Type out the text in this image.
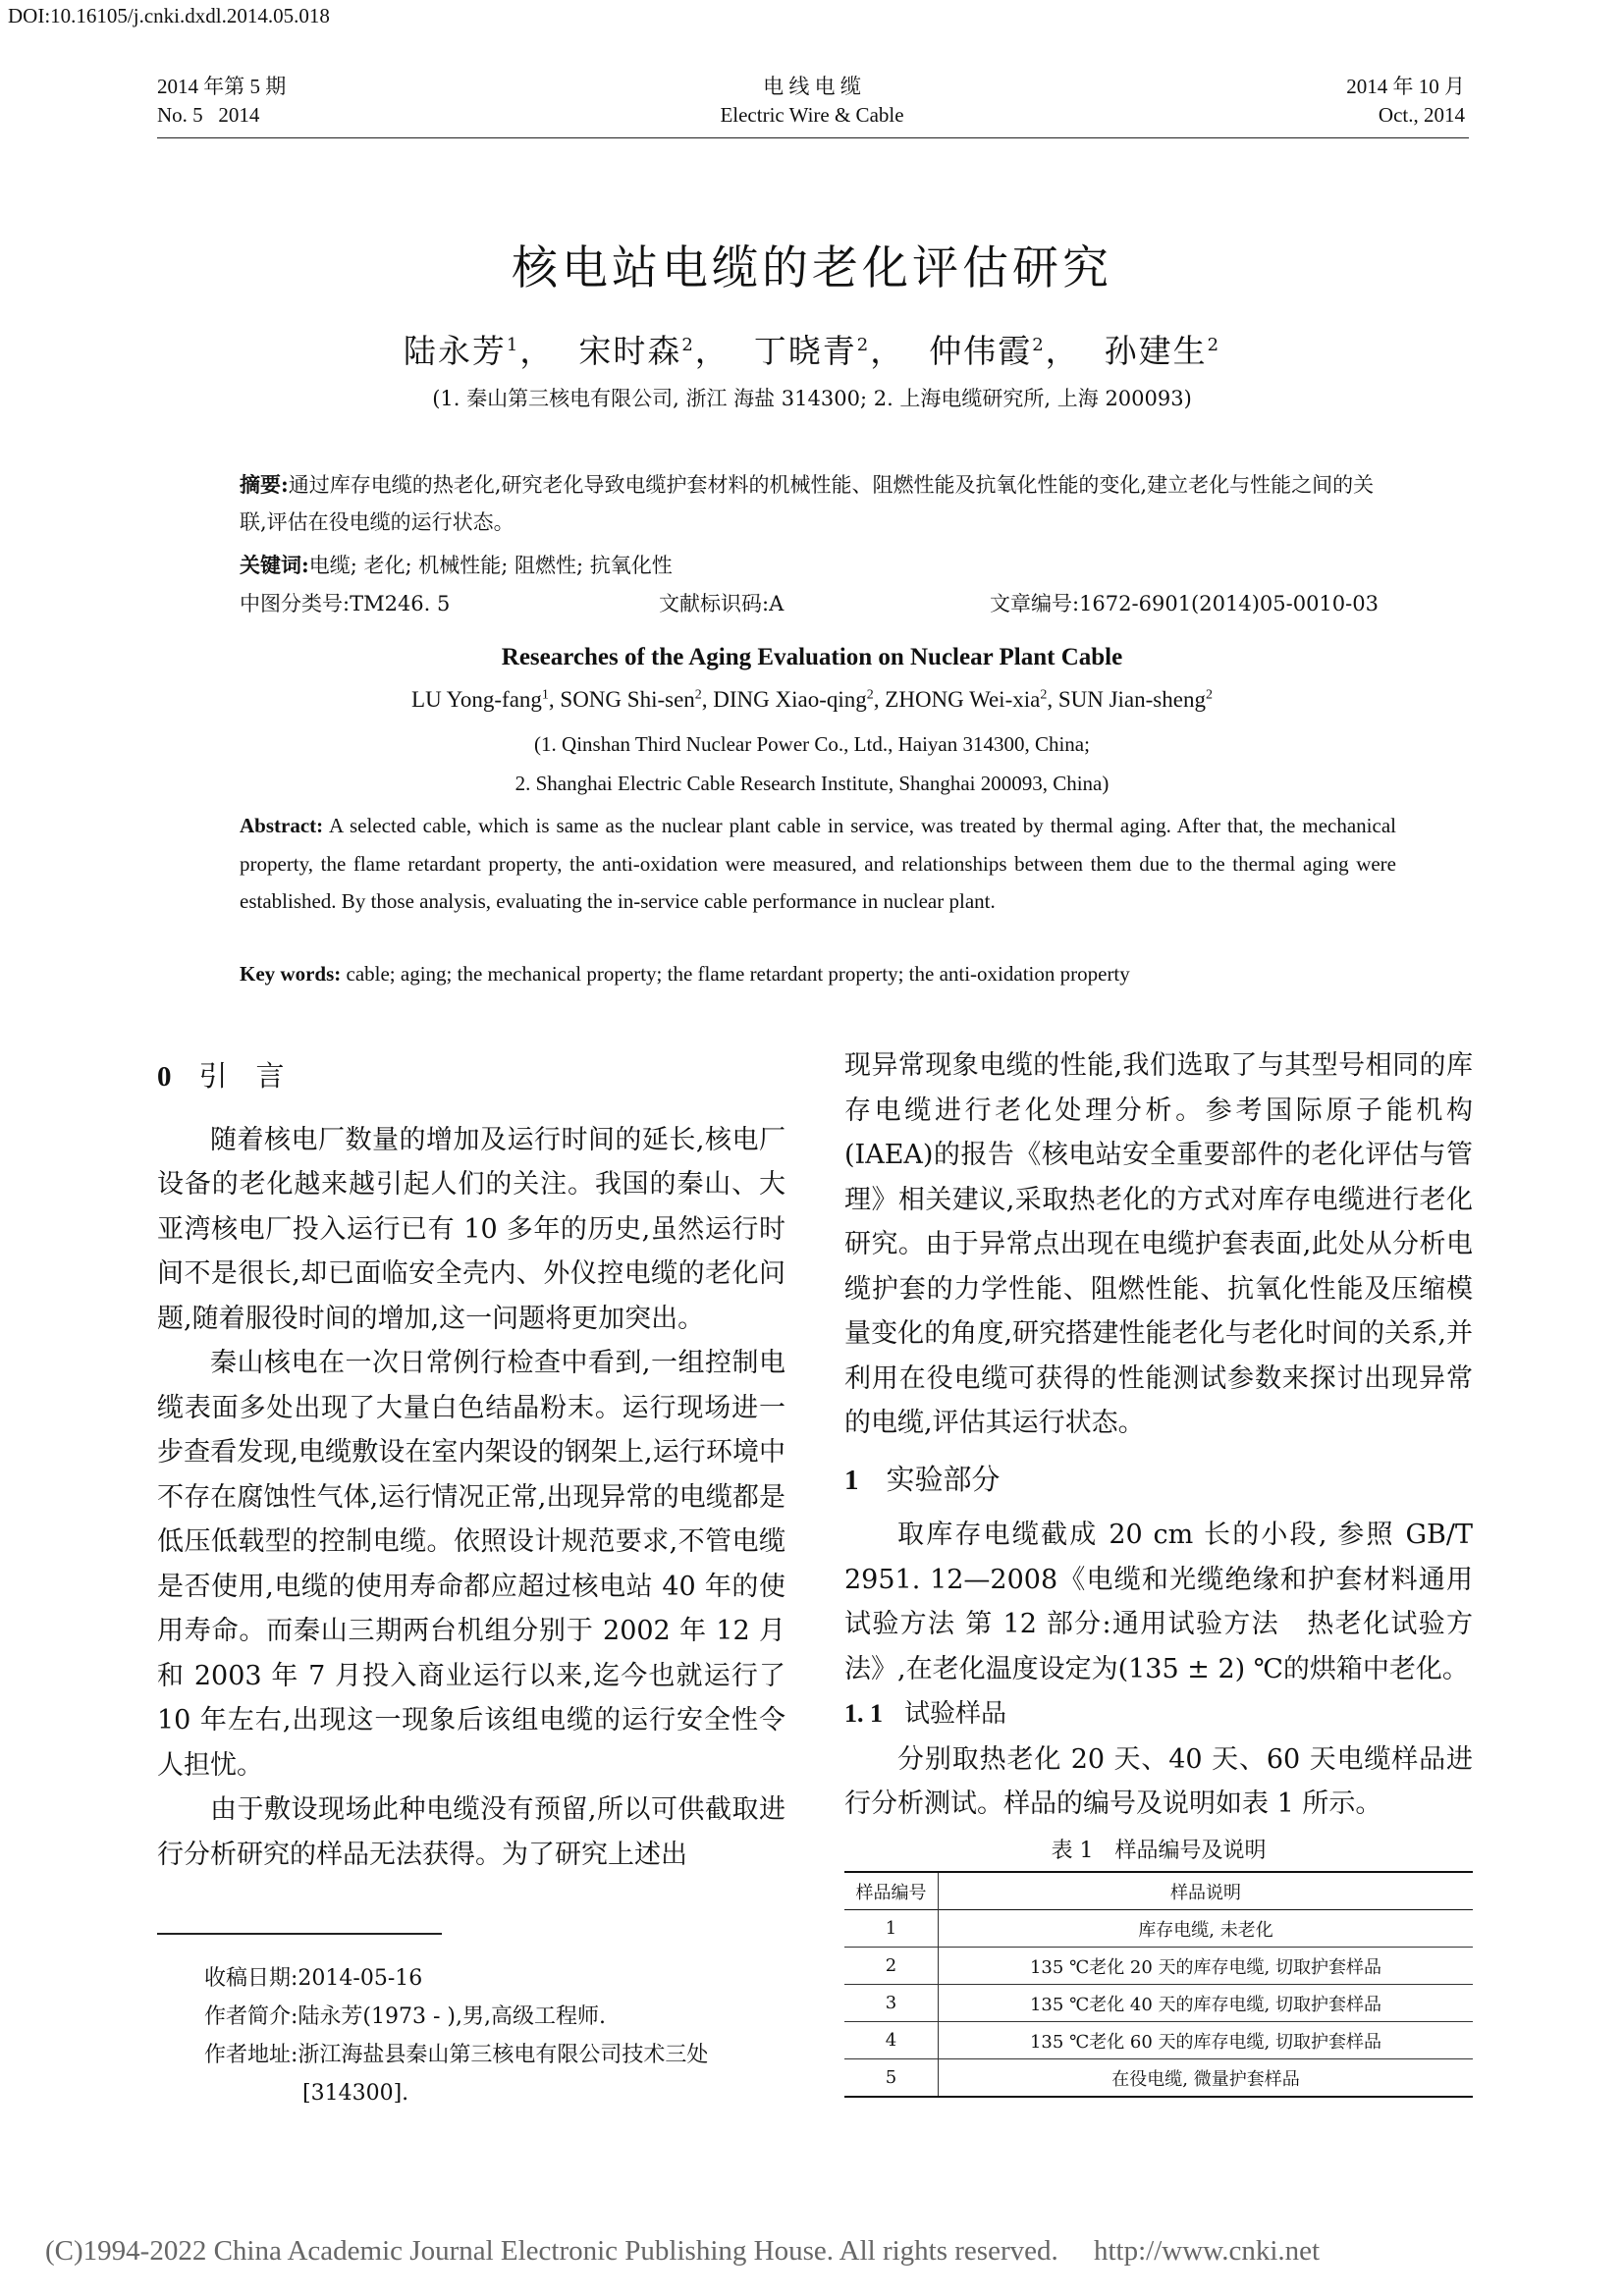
DOI:10.16105/j.cnki.dxdl.2014.05.018
2014 年第 5 期
No. 5   2014
电 线 电 缆
Electric Wire & Cable
2014 年 10 月
Oct., 2014
核电站电缆的老化评估研究
陆永芳$^1$，  宋时森$^2$，  丁晓青$^2$，  仲伟霞$^2$，  孙建生$^2$
(1. 秦山第三核电有限公司, 浙江 海盐 314300; 2. 上海电缆研究所, 上海 200093)
摘要:通过库存电缆的热老化,研究老化导致电缆护套材料的机械性能、阻燃性能及抗氧化性能的变化,建立老化与性能之间的关联,评估在役电缆的运行状态。
关键词:电缆; 老化; 机械性能; 阻燃性; 抗氧化性
中图分类号:TM246. 5	文献标识码:A	文章编号:1672-6901(2014)05-0010-03
Researches of the Aging Evaluation on Nuclear Plant Cable
LU Yong-fang$^1$, SONG Shi-sen$^2$, DING Xiao-qing$^2$, ZHONG Wei-xia$^2$, SUN Jian-sheng$^2$
(1. Qinshan Third Nuclear Power Co., Ltd., Haiyan 314300, China;
2. Shanghai Electric Cable Research Institute, Shanghai 200093, China)
Abstract: A selected cable, which is same as the nuclear plant cable in service, was treated by thermal aging. After that, the mechanical property, the flame retardant property, the anti-oxidation were measured, and relationships between them due to the thermal aging were established. By those analysis, evaluating the in-service cable performance in nuclear plant.
Key words: cable; aging; the mechanical property; the flame retardant property; the anti-oxidation property

0 引　言

随着核电厂数量的增加及运行时间的延长,核电厂设备的老化越来越引起人们的关注。我国的秦山、大亚湾核电厂投入运行已有 10 多年的历史,虽然运行时间不是很长,却已面临安全壳内、外仪控电缆的老化问题,随着服役时间的增加,这一问题将更加突出。

秦山核电在一次日常例行检查中看到,一组控制电缆表面多处出现了大量白色结晶粉末。运行现场进一步查看发现,电缆敷设在室内架设的钢架上,运行环境中不存在腐蚀性气体,运行情况正常,出现异常的电缆都是低压低载型的控制电缆。依照设计规范要求,不管电缆是否使用,电缆的使用寿命都应超过核电站 40 年的使用寿命。而秦山三期两台机组分别于 2002 年 12 月和 2003 年 7 月投入商业运行以来,迄今也就运行了 10 年左右,出现这一现象后该组电缆的运行安全性令人担忧。

由于敷设现场此种电缆没有预留,所以可供截取进行分析研究的样品无法获得。为了研究上述出

收稿日期:2014-05-16
作者简介:陆永芳(1973 - ),男,高级工程师.
作者地址:浙江海盐县秦山第三核电有限公司技术三处
[314300].

现异常现象电缆的性能,我们选取了与其型号相同的库存电缆进行老化处理分析。参考国际原子能机构(IAEA)的报告《核电站安全重要部件的老化评估与管理》相关建议,采取热老化的方式对库存电缆进行老化研究。由于异常点出现在电缆护套表面,此处从分析电缆护套的力学性能、阻燃性能、抗氧化性能及压缩模量变化的角度,研究搭建性能老化与老化时间的关系,并利用在役电缆可获得的性能测试参数来探讨出现异常的电缆,评估其运行状态。

1 实验部分

取库存电缆截成 20 cm 长的小段, 参照 GB/T 2951. 12—2008《电缆和光缆绝缘和护套材料通用试验方法 第 12 部分:通用试验方法　热老化试验方法》,在老化温度设定为(135 ± 2) ℃的烘箱中老化。

1. 1 试验样品

分别取热老化 20 天、40 天、60 天电缆样品进行分析测试。样品的编号及说明如表 1 所示。

表 1　样品编号及说明
样品编号	样品说明
1	库存电缆, 未老化
2	135 ℃老化 20 天的库存电缆, 切取护套样品
3	135 ℃老化 40 天的库存电缆, 切取护套样品
4	135 ℃老化 60 天的库存电缆, 切取护套样品
5	在役电缆, 微量护套样品
(C)1994-2022 China Academic Journal Electronic Publishing House. All rights reserved.　 http://www.cnki.net
